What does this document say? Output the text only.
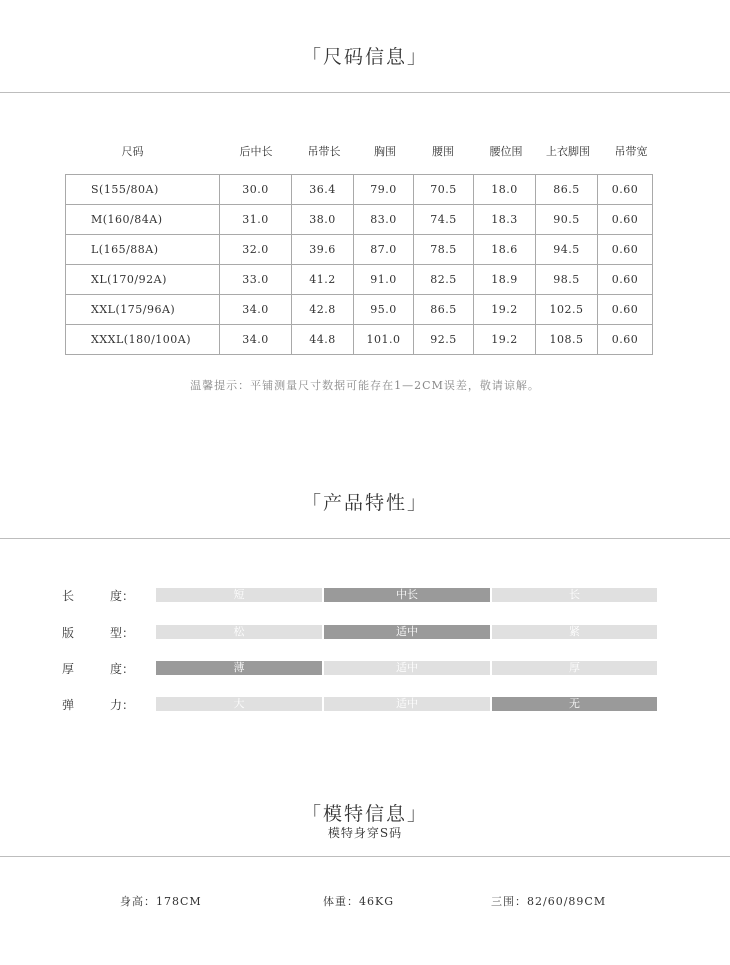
「尺码信息」
尺码	后中长	吊带长	胸围	腰围	腰位围	上衣脚围	吊带宽
S(155/80A)	30.0	36.4	79.0	70.5	18.0	86.5	0.60
M(160/84A)	31.0	38.0	83.0	74.5	18.3	90.5	0.60
L(165/88A)	32.0	39.6	87.0	78.5	18.6	94.5	0.60
XL(170/92A)	33.0	41.2	91.0	82.5	18.9	98.5	0.60
XXL(175/96A)	34.0	42.8	95.0	86.5	19.2	102.5	0.60
XXXL(180/100A)	34.0	44.8	101.0	92.5	19.2	108.5	0.60
温馨提示：平铺测量尺寸数据可能存在1—2CM误差，敬请谅解。
「产品特性」
长	度：	短	中长	长
版	型：	松	适中	紧
厚	度：	薄	适中	厚
弹	力：	大	适中	无
「模特信息」
模特身穿S码
身高：178CM	体重：46KG	三围：82/60/89CM
